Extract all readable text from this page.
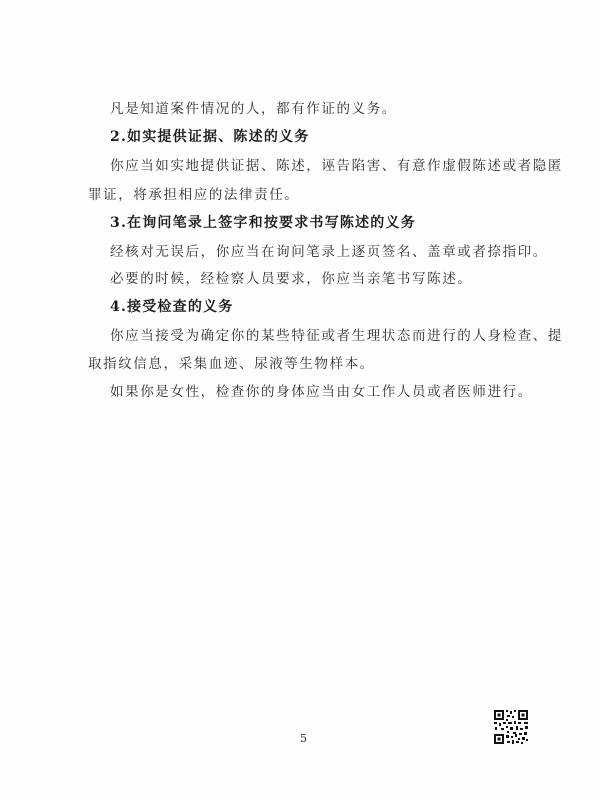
凡是知道案件情况的人，都有作证的义务。
2.如实提供证据、陈述的义务
你应当如实地提供证据、陈述，诬告陷害、有意作虚假陈述或者隐匿
罪证，将承担相应的法律责任。
3.在询问笔录上签字和按要求书写陈述的义务
经核对无误后，你应当在询问笔录上逐页签名、盖章或者捺指印。
必要的时候，经检察人员要求，你应当亲笔书写陈述。
4.接受检查的义务
你应当接受为确定你的某些特征或者生理状态而进行的人身检查、提
取指纹信息，采集血迹、尿液等生物样本。
如果你是女性，检查你的身体应当由女工作人员或者医师进行。
5
